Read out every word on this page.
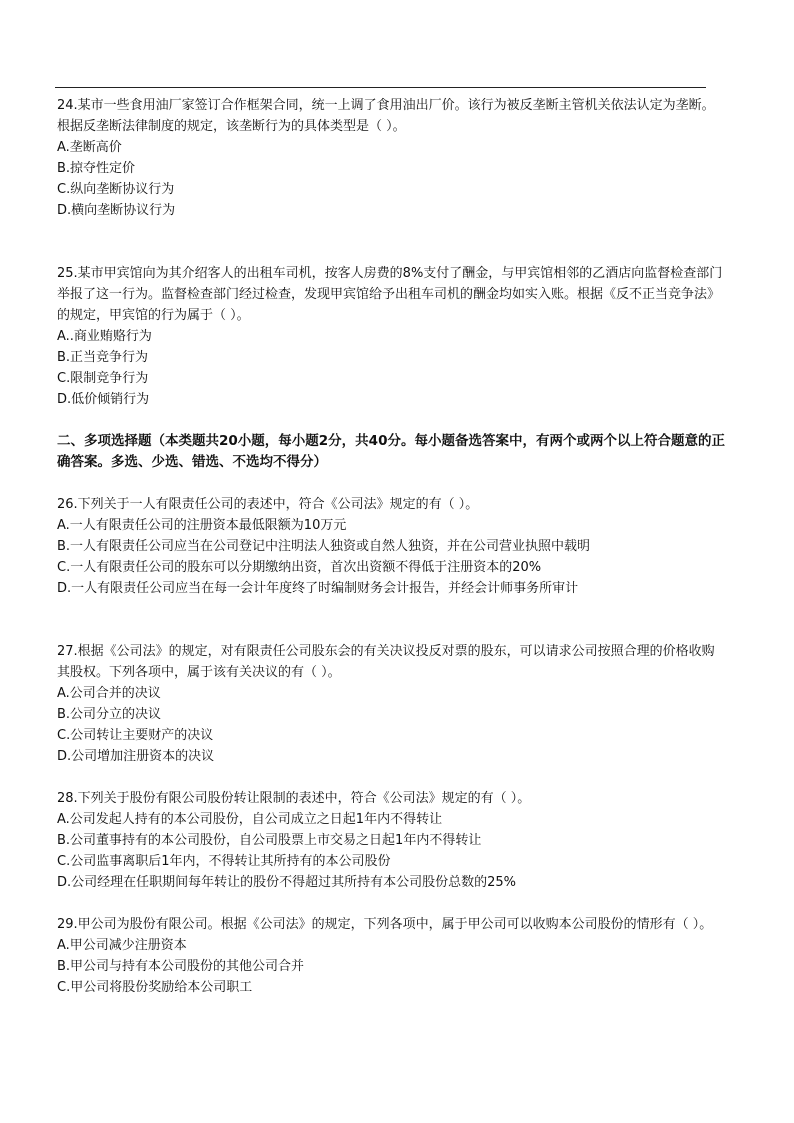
24.某市一些食用油厂家签订合作框架合同，统一上调了食用油出厂价。该行为被反垄断主管机关依法认定为垄断。根据反垄断法律制度的规定，该垄断行为的具体类型是（ ）。

A.垄断高价

B.掠夺性定价

C.纵向垄断协议行为

D.横向垄断协议行为

25.某市甲宾馆向为其介绍客人的出租车司机，按客人房费的8%支付了酬金，与甲宾馆相邻的乙酒店向监督检查部门举报了这一行为。监督检查部门经过检查，发现甲宾馆给予出租车司机的酬金均如实入账。根据《反不正当竞争法》的规定，甲宾馆的行为属于（ ）。

A..商业贿赂行为

B.正当竞争行为

C.限制竞争行为

D.低价倾销行为

二、多项选择题（本类题共20小题，每小题2分，共40分。每小题备选答案中，有两个或两个以上符合题意的正确答案。多选、少选、错选、不选均不得分）

26.下列关于一人有限责任公司的表述中，符合《公司法》规定的有（ ）。

A.一人有限责任公司的注册资本最低限额为10万元

B.一人有限责任公司应当在公司登记中注明法人独资或自然人独资，并在公司营业执照中载明

C.一人有限责任公司的股东可以分期缴纳出资，首次出资额不得低于注册资本的20%

D.一人有限责任公司应当在每一会计年度终了时编制财务会计报告，并经会计师事务所审计

27.根据《公司法》的规定，对有限责任公司股东会的有关决议投反对票的股东，可以请求公司按照合理的价格收购其股权。下列各项中，属于该有关决议的有（ ）。

A.公司合并的决议

B.公司分立的决议

C.公司转让主要财产的决议

D.公司增加注册资本的决议

28.下列关于股份有限公司股份转让限制的表述中，符合《公司法》规定的有（ ）。

A.公司发起人持有的本公司股份，自公司成立之日起1年内不得转让

B.公司董事持有的本公司股份，自公司股票上市交易之日起1年内不得转让

C.公司监事离职后1年内，不得转让其所持有的本公司股份

D.公司经理在任职期间每年转让的股份不得超过其所持有本公司股份总数的25%

29.甲公司为股份有限公司。根据《公司法》的规定，下列各项中，属于甲公司可以收购本公司股份的情形有（ ）。

A.甲公司减少注册资本

B.甲公司与持有本公司股份的其他公司合并

C.甲公司将股份奖励给本公司职工
